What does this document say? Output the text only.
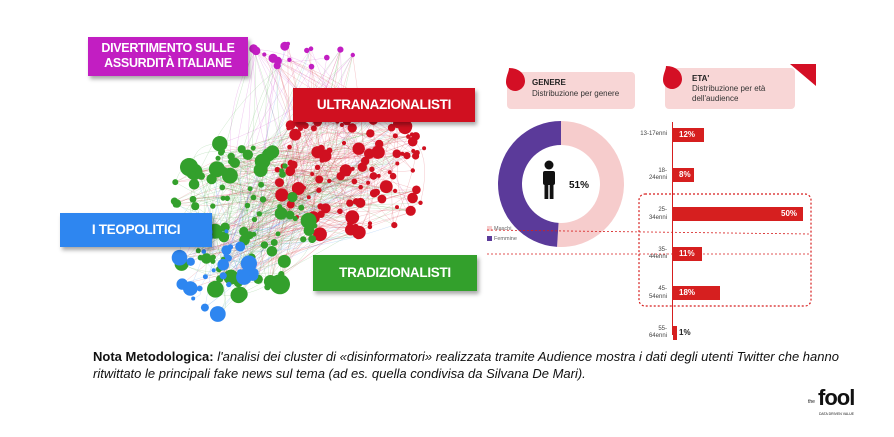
DIVERTIMENTO SULLE ASSURDITÀ ITALIANE
ULTRANAZIONALISTI
I TEOPOLITICI
TRADIZIONALISTI
GENERE
Distribuzione per genere
ETA'
Distribuzione per età dell'audience
51%
Maschi
Femmine
13-17enni 12%
18-
24enni 8%
25-
34enni	50%
35-
44enni 11%
45-
54enni 18%
55-
64enni 1%
Nota Metodologica: l'analisi dei cluster di «disinformatori» realizzata tramite Audience mostra i dati degli utenti Twitter che hanno ritwittato le principali fake news sul tema (ad es. quella condivisa da Silvana De Mari).
the fool
DATA DRIVEN VALUE
